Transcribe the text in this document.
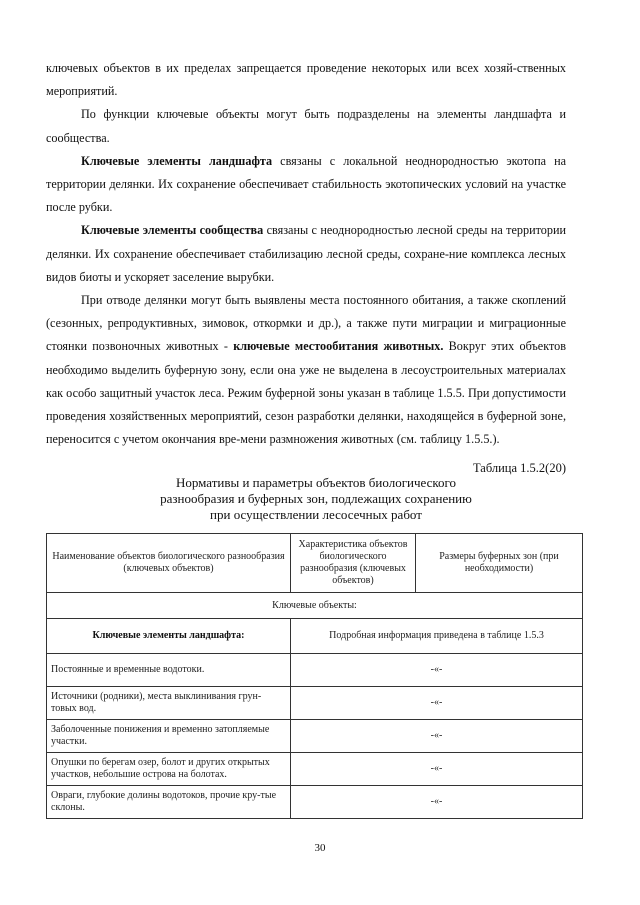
ключевых объектов в их пределах запрещается проведение некоторых или всех хозяй-ственных мероприятий.

По функции ключевые объекты могут быть подразделены на элементы ландшафта и сообщества.

Ключевые элементы ландшафта связаны с локальной неоднородностью экотопа на территории делянки. Их сохранение обеспечивает стабильность экотопических условий на участке после рубки.

Ключевые элементы сообщества связаны с неоднородностью лесной среды на территории делянки. Их сохранение обеспечивает стабилизацию лесной среды, сохране-ние комплекса лесных видов биоты и ускоряет заселение вырубки.

При отводе делянки могут быть выявлены места постоянного обитания, а также скоплений (сезонных, репродуктивных, зимовок, откормки и др.), а также пути миграции и миграционные стоянки позвоночных животных - ключевые местообитания животных. Вокруг этих объектов необходимо выделить буферную зону, если она уже не выделена в лесоустроительных материалах как особо защитный участок леса. Режим буферной зоны указан в таблице 1.5.5. При допустимости проведения хозяйственных мероприятий, сезон разработки делянки, находящейся в буферной зоне, переносится с учетом окончания вре-мени размножения животных (см. таблицу 1.5.5.).

Таблица 1.5.2(20)
Нормативы и параметры объектов биологического
разнообразия и буферных зон, подлежащих сохранению
при осуществлении лесосечных работ
Наименование объектов биологического разнообразия (ключевых объектов)	Характеристика объектов биологического разнообразия (ключевых объектов)	Размеры буферных зон (при необходимости)
Ключевые объекты:		
Ключевые элементы ландшафта:	Подробная информация приведена в таблице 1.5.3	
Постоянные и временные водотоки.	-«-	
Источники (родники), места выклинивания грун-товых вод.	-«-	
Заболоченные понижения и временно затопляемые участки.	-«-	
Опушки по берегам озер, болот и других открытых участков, небольшие острова на болотах.	-«-	
Овраги, глубокие долины водотоков, прочие кру-тые склоны.	-«-	
30
